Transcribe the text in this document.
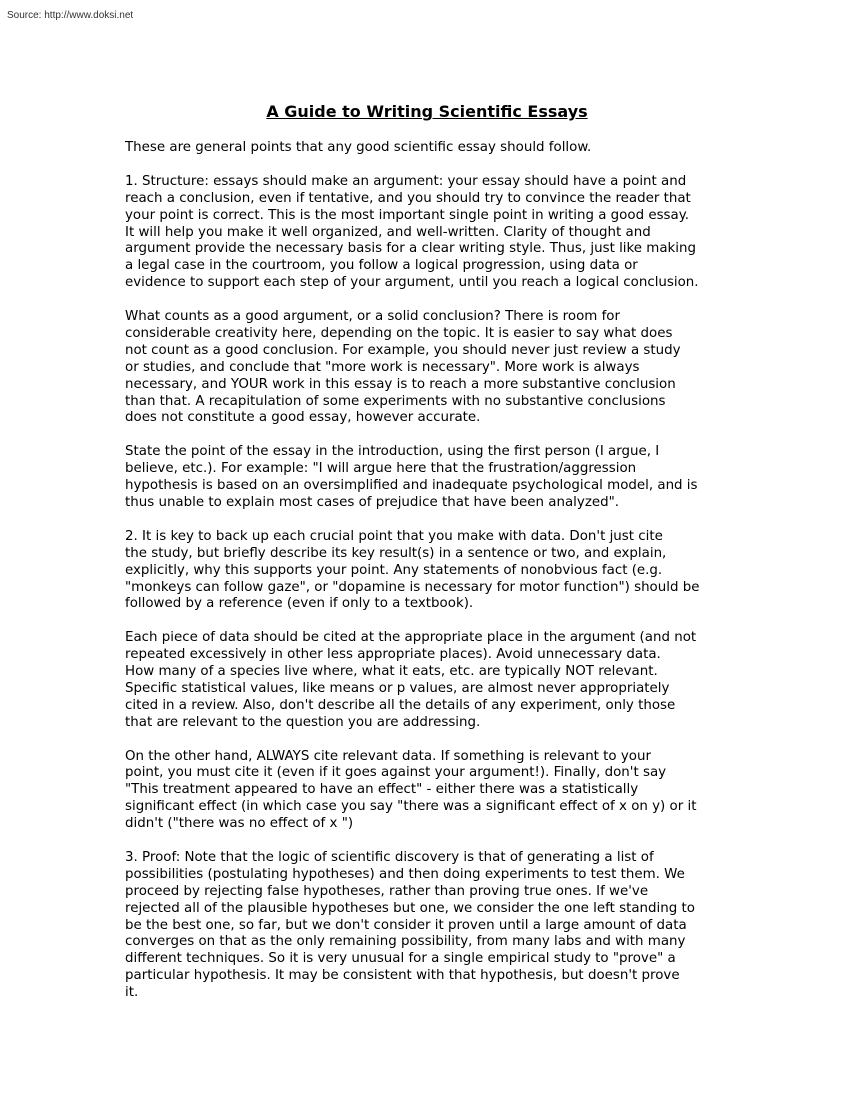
Source: http://www.doksi.net
A Guide to Writing Scientific Essays
These are general points that any good scientific essay should follow.
1. Structure: essays should make an argument: your essay should have a point and
reach a conclusion, even if tentative, and you should try to convince the reader that
your point is correct. This is the most important single point in writing a good essay.
It will help you make it well organized, and well-written. Clarity of thought and
argument provide the necessary basis for a clear writing style. Thus, just like making
a legal case in the courtroom, you follow a logical progression, using data or
evidence to support each step of your argument, until you reach a logical conclusion.
What counts as a good argument, or a solid conclusion? There is room for
considerable creativity here, depending on the topic. It is easier to say what does
not count as a good conclusion. For example, you should never just review a study
or studies, and conclude that "more work is necessary". More work is always
necessary, and YOUR work in this essay is to reach a more substantive conclusion
than that. A recapitulation of some experiments with no substantive conclusions
does not constitute a good essay, however accurate.
State the point of the essay in the introduction, using the first person (I argue, I
believe, etc.). For example: "I will argue here that the frustration/aggression
hypothesis is based on an oversimplified and inadequate psychological model, and is
thus unable to explain most cases of prejudice that have been analyzed".
2. It is key to back up each crucial point that you make with data. Don't just cite
the study, but briefly describe its key result(s) in a sentence or two, and explain,
explicitly, why this supports your point. Any statements of nonobvious fact (e.g.
"monkeys can follow gaze", or "dopamine is necessary for motor function") should be
followed by a reference (even if only to a textbook).
Each piece of data should be cited at the appropriate place in the argument (and not
repeated excessively in other less appropriate places). Avoid unnecessary data.
How many of a species live where, what it eats, etc. are typically NOT relevant.
Specific statistical values, like means or p values, are almost never appropriately
cited in a review. Also, don't describe all the details of any experiment, only those
that are relevant to the question you are addressing.
On the other hand, ALWAYS cite relevant data. If something is relevant to your
point, you must cite it (even if it goes against your argument!). Finally, don't say
"This treatment appeared to have an effect" - either there was a statistically
significant effect (in which case you say "there was a significant effect of x on y) or it
didn't ("there was no effect of x ")
3. Proof: Note that the logic of scientific discovery is that of generating a list of
possibilities (postulating hypotheses) and then doing experiments to test them. We
proceed by rejecting false hypotheses, rather than proving true ones. If we've
rejected all of the plausible hypotheses but one, we consider the one left standing to
be the best one, so far, but we don't consider it proven until a large amount of data
converges on that as the only remaining possibility, from many labs and with many
different techniques. So it is very unusual for a single empirical study to "prove" a
particular hypothesis. It may be consistent with that hypothesis, but doesn't prove
it.
